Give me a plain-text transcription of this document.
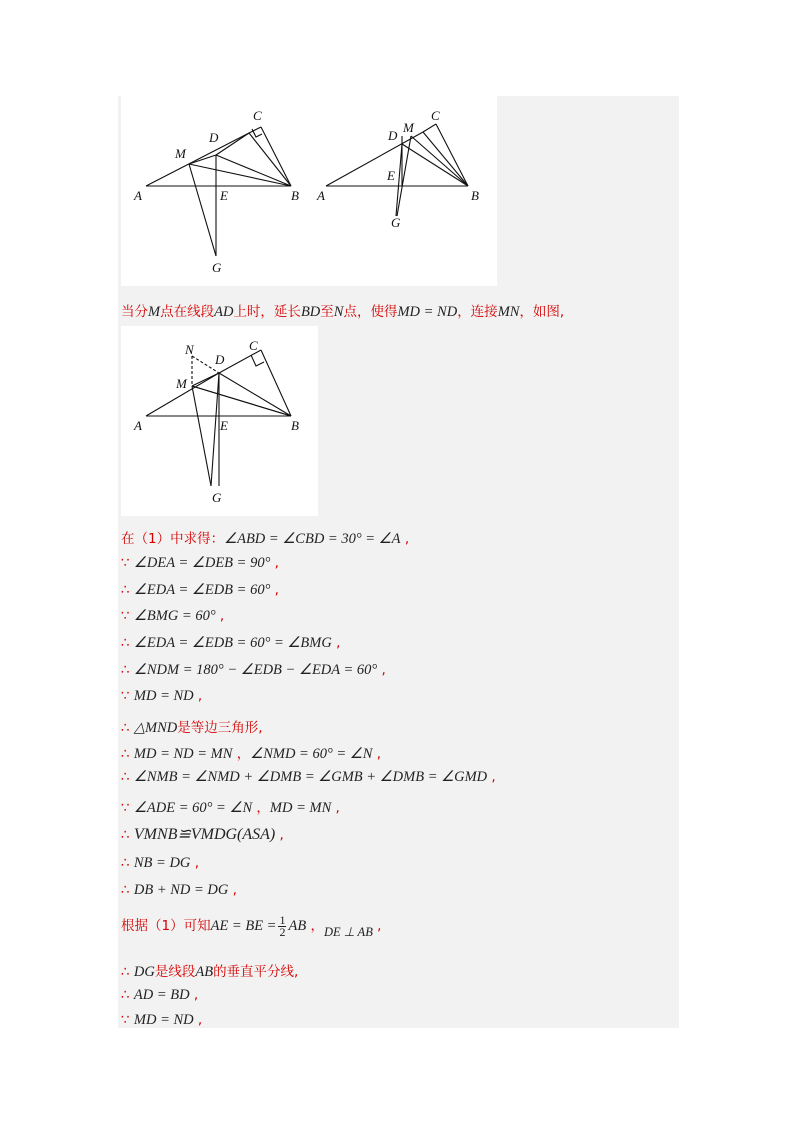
C
D
M
A	E	B
G
C
D
M
A
E
B
G
当分M点在线段AD上时，延长BD至N点，使得MD = ND，连接MN，如图,
N
D
C
M
A	E	B
G
在（1）中求得：∠ABD = ∠CBD = 30° = ∠A ,
∵ ∠DEA = ∠DEB = 90° ,
∴ ∠EDA = ∠EDB = 60° ,
∵ ∠BMG = 60° ,
∴ ∠EDA = ∠EDB = 60° = ∠BMG ,
∴ ∠NDM = 180° − ∠EDB − ∠EDA = 60° ,
∵ MD = ND ,
∴ △MND是等边三角形,
∴ MD = ND = MN ，∠NMD = 60° = ∠N ,
∴ ∠NMB = ∠NMD + ∠DMB = ∠GMB + ∠DMB = ∠GMD ,
∵ ∠ADE = 60° = ∠N ，MD = MN ,
∴ VMNB≌VMDG(ASA) ,
∴ NB = DG ,
∴ DB + ND = DG ,
根据（1）可知AE = BE = $\frac{1}{2}$ AB ，DE ⊥ AB ,
∴ DG是线段AB的垂直平分线,
∴ AD = BD ,
∵ MD = ND ,
